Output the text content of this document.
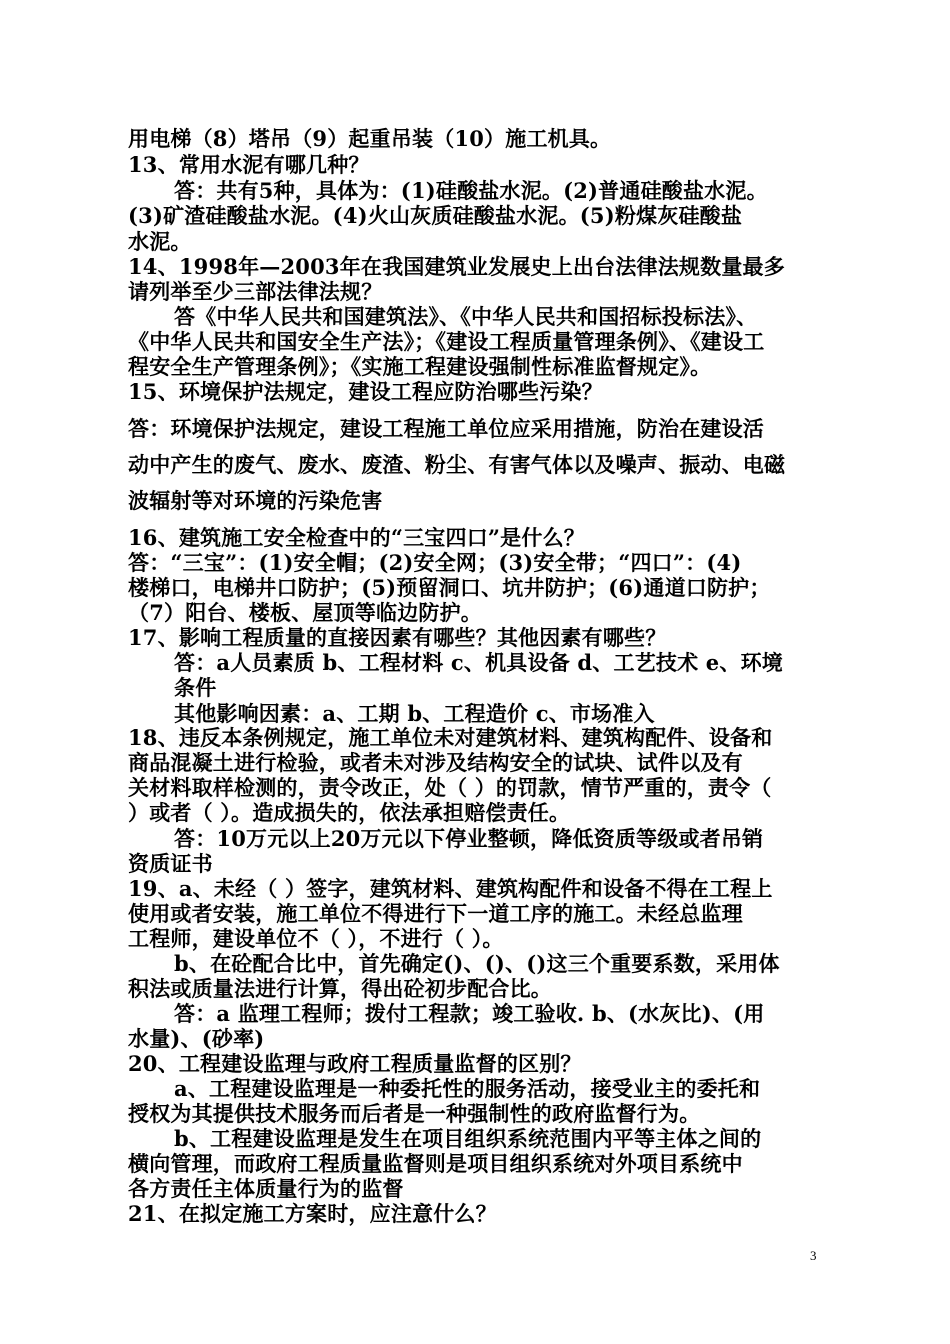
用电梯（8）塔吊（9）起重吊装（10）施工机具。
13、常用水泥有哪几种？
答：共有5种，具体为：(1)硅酸盐水泥。(2)普通硅酸盐水泥。
(3)矿渣硅酸盐水泥。(4)火山灰质硅酸盐水泥。(5)粉煤灰硅酸盐
水泥。
14、1998年—2003年在我国建筑业发展史上出台法律法规数量最多
请列举至少三部法律法规？
答《中华人民共和国建筑法》、《中华人民共和国招标投标法》、
《中华人民共和国安全生产法》；《建设工程质量管理条例》、《建设工
程安全生产管理条例》；《实施工程建设强制性标准监督规定》。
15、环境保护法规定，建设工程应防治哪些污染？
答：环境保护法规定，建设工程施工单位应采用措施，防治在建设活
动中产生的废气、废水、废渣、粉尘、有害气体以及噪声、振动、电磁
波辐射等对环境的污染危害
16、建筑施工安全检查中的“三宝四口”是什么？
答：“三宝”：(1)安全帽；(2)安全网；(3)安全带；“四口”：(4)
楼梯口，电梯井口防护；(5)预留洞口、坑井防护；(6)通道口防护；
（7）阳台、楼板、屋顶等临边防护。
17、影响工程质量的直接因素有哪些？其他因素有哪些？
答：a人员素质 b、工程材料 c、机具设备 d、工艺技术 e、环境
条件
其他影响因素：a、工期 b、工程造价 c、市场准入
18、违反本条例规定，施工单位未对建筑材料、建筑构配件、设备和
商品混凝土进行检验，或者未对涉及结构安全的试块、试件以及有
关材料取样检测的，责令改正，处（ ）的罚款，情节严重的，责令（
）或者（ ）。造成损失的，依法承担赔偿责任。
答：10万元以上20万元以下停业整顿，降低资质等级或者吊销
资质证书
19、a、未经（ ）签字，建筑材料、建筑构配件和设备不得在工程上
使用或者安装，施工单位不得进行下一道工序的施工。未经总监理
工程师，建设单位不（ ），不进行（ ）。
b、在砼配合比中，首先确定()、()、()这三个重要系数，采用体
积法或质量法进行计算，得出砼初步配合比。
答：a 监理工程师；拨付工程款；竣工验收. b、(水灰比)、(用
水量)、(砂率)
20、工程建设监理与政府工程质量监督的区别？
a、工程建设监理是一种委托性的服务活动，接受业主的委托和
授权为其提供技术服务而后者是一种强制性的政府监督行为。
b、工程建设监理是发生在项目组织系统范围内平等主体之间的
横向管理，而政府工程质量监督则是项目组织系统对外项目系统中
各方责任主体质量行为的监督
21、在拟定施工方案时，应注意什么？
3
